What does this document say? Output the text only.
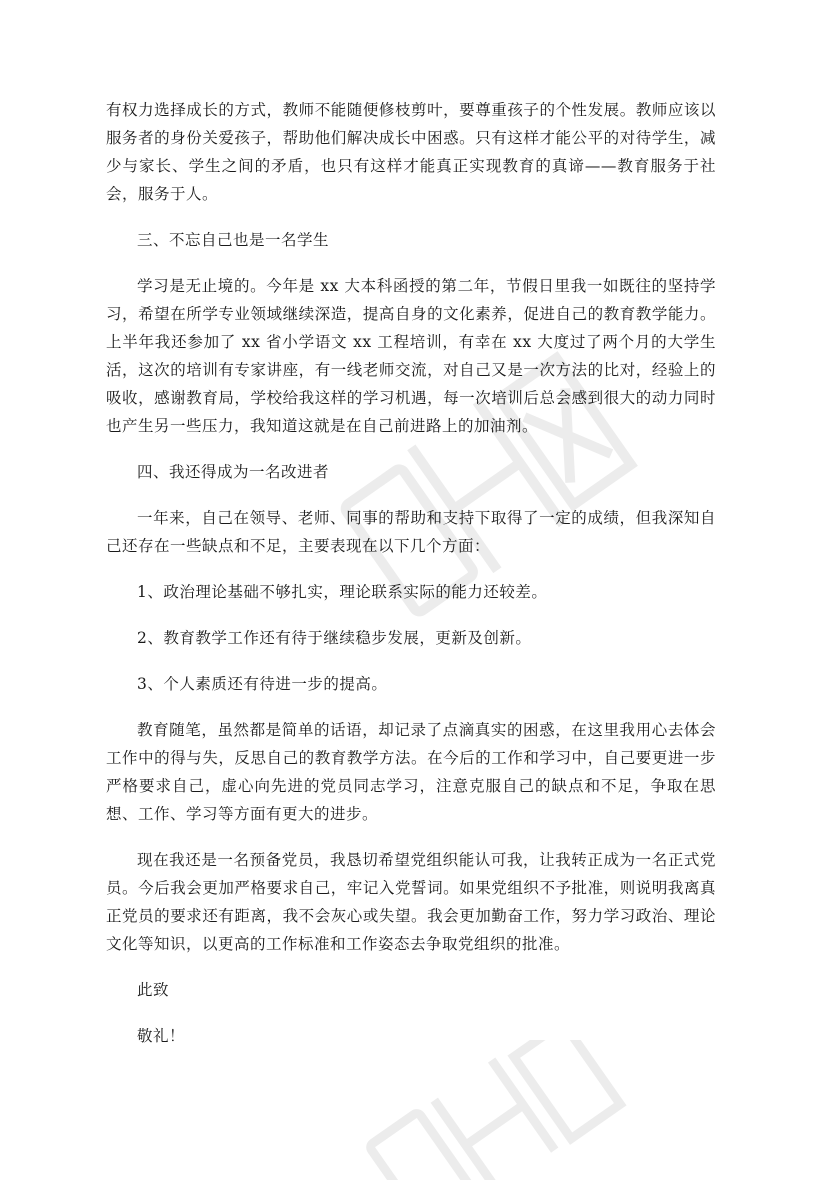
有权力选择成长的方式，教师不能随便修枝剪叶，要尊重孩子的个性发展。教师应该以服务者的身份关爱孩子，帮助他们解决成长中困惑。只有这样才能公平的对待学生，减少与家长、学生之间的矛盾，也只有这样才能真正实现教育的真谛——教育服务于社会，服务于人。

三、不忘自己也是一名学生

学习是无止境的。今年是 xx 大本科函授的第二年，节假日里我一如既往的坚持学习，希望在所学专业领域继续深造，提高自身的文化素养，促进自己的教育教学能力。上半年我还参加了 xx 省小学语文 xx 工程培训，有幸在 xx 大度过了两个月的大学生活，这次的培训有专家讲座，有一线老师交流，对自己又是一次方法的比对，经验上的吸收，感谢教育局，学校给我这样的学习机遇，每一次培训后总会感到很大的动力同时也产生另一些压力，我知道这就是在自己前进路上的加油剂。

四、我还得成为一名改进者

一年来，自己在领导、老师、同事的帮助和支持下取得了一定的成绩，但我深知自己还存在一些缺点和不足，主要表现在以下几个方面：

1、政治理论基础不够扎实，理论联系实际的能力还较差。

2、教育教学工作还有待于继续稳步发展，更新及创新。

3、个人素质还有待进一步的提高。

教育随笔，虽然都是简单的话语，却记录了点滴真实的困惑，在这里我用心去体会工作中的得与失，反思自己的教育教学方法。在今后的工作和学习中，自己要更进一步严格要求自己，虚心向先进的党员同志学习，注意克服自己的缺点和不足，争取在思想、工作、学习等方面有更大的进步。

现在我还是一名预备党员，我恳切希望党组织能认可我，让我转正成为一名正式党员。今后我会更加严格要求自己，牢记入党誓词。如果党组织不予批准，则说明我离真正党员的要求还有距离，我不会灰心或失望。我会更加勤奋工作，努力学习政治、理论文化等知识，以更高的工作标准和工作姿态去争取党组织的批准。

此致

敬礼！
